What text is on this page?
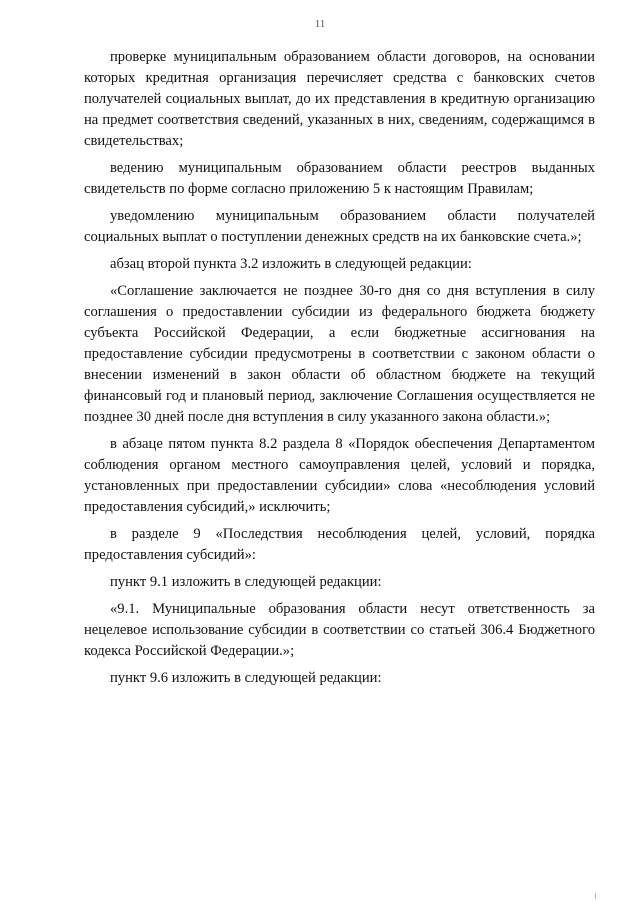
11

проверке муниципальным образованием области договоров, на основании которых кредитная организация перечисляет средства с банковских счетов получателей социальных выплат, до их представления в кредитную организацию на предмет соответствия сведений, указанных в них, сведениям, содержащимся в свидетельствах;

ведению муниципальным образованием области реестров выданных свидетельств по форме согласно приложению 5 к настоящим Правилам;

уведомлению муниципальным образованием области получателей социальных выплат о поступлении денежных средств на их банковские счета.»;

абзац второй пункта 3.2 изложить в следующей редакции:

«Соглашение заключается не позднее 30-го дня со дня вступления в силу соглашения о предоставлении субсидии из федерального бюджета бюджету субъекта Российской Федерации, а если бюджетные ассигнования на предоставление субсидии предусмотрены в соответствии с законом области о внесении изменений в закон области об областном бюджете на текущий финансовый год и плановый период, заключение Соглашения осуществляется не позднее 30 дней после дня вступления в силу указанного закона области.»;

в абзаце пятом пункта 8.2 раздела 8 «Порядок обеспечения Департаментом соблюдения органом местного самоуправления целей, условий и порядка, установленных при предоставлении субсидии» слова «несоблюдения условий предоставления субсидий,» исключить;

в разделе 9 «Последствия несоблюдения целей, условий, порядка предоставления субсидий»:

пункт 9.1 изложить в следующей редакции:

«9.1. Муниципальные образования области несут ответственность за нецелевое использование субсидии в соответствии со статьей 306.4 Бюджетного кодекса Российской Федерации.»;

пункт 9.6 изложить в следующей редакции:
